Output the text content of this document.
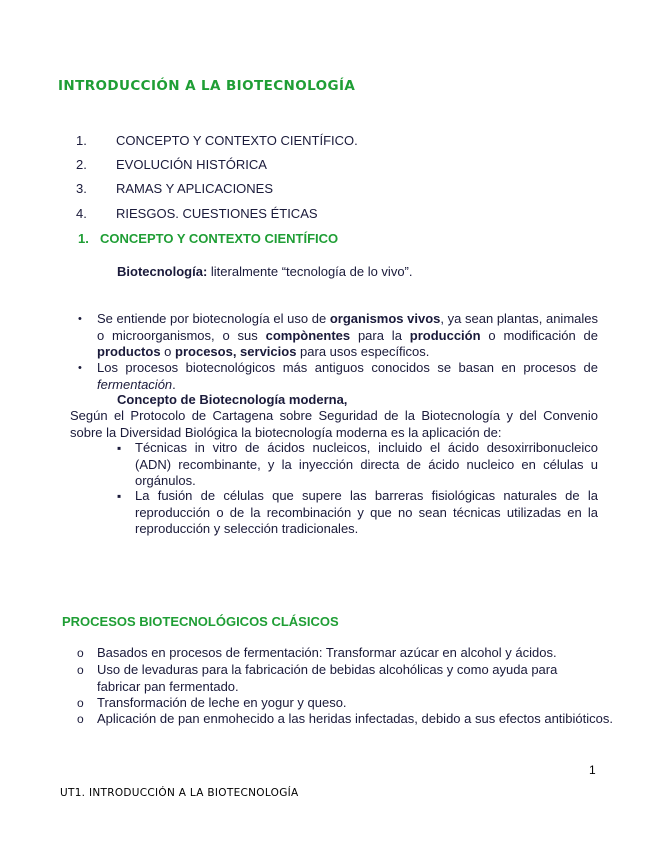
INTRODUCCIÓN A LA BIOTECNOLOGÍA
1. CONCEPTO Y CONTEXTO CIENTÍFICO.
2. EVOLUCIÓN HISTÓRICA
3. RAMAS Y APLICACIONES
4. RIESGOS. CUESTIONES ÉTICAS
1. CONCEPTO Y CONTEXTO CIENTÍFICO
Biotecnología: literalmente “tecnología de lo vivo”.
• Se entiende por biotecnología el uso de organismos vivos, ya sean plantas, animales o microorganismos, o sus compònentes para la producción o modificación de productos o procesos, servicios para usos específicos.
• Los procesos biotecnológicos más antiguos conocidos se basan en procesos de fermentación.
Concepto de Biotecnología moderna,
Según el Protocolo de Cartagena sobre Seguridad de la Biotecnología y del Convenio sobre la Diversidad Biológica la biotecnología moderna es la aplicación de:
▪ Técnicas in vitro de ácidos nucleicos, incluido el ácido desoxirribonucleico (ADN) recombinante, y la inyección directa de ácido nucleico en células u orgánulos.
▪ La fusión de células que supere las barreras fisiológicas naturales de la reproducción o de la recombinación y que no sean técnicas utilizadas en la reproducción y selección tradicionales.
PROCESOS BIOTECNOLÓGICOS CLÁSICOS
o Basados en procesos de fermentación: Transformar azúcar en alcohol y ácidos.
o Uso de levaduras para la fabricación de bebidas alcohólicas y como ayuda para fabricar pan fermentado.
o Transformación de leche en yogur y queso.
o Aplicación de pan enmohecido a las heridas infectadas, debido a sus efectos antibióticos.
1
UT1. INTRODUCCIÓN A LA BIOTECNOLOGÍA
